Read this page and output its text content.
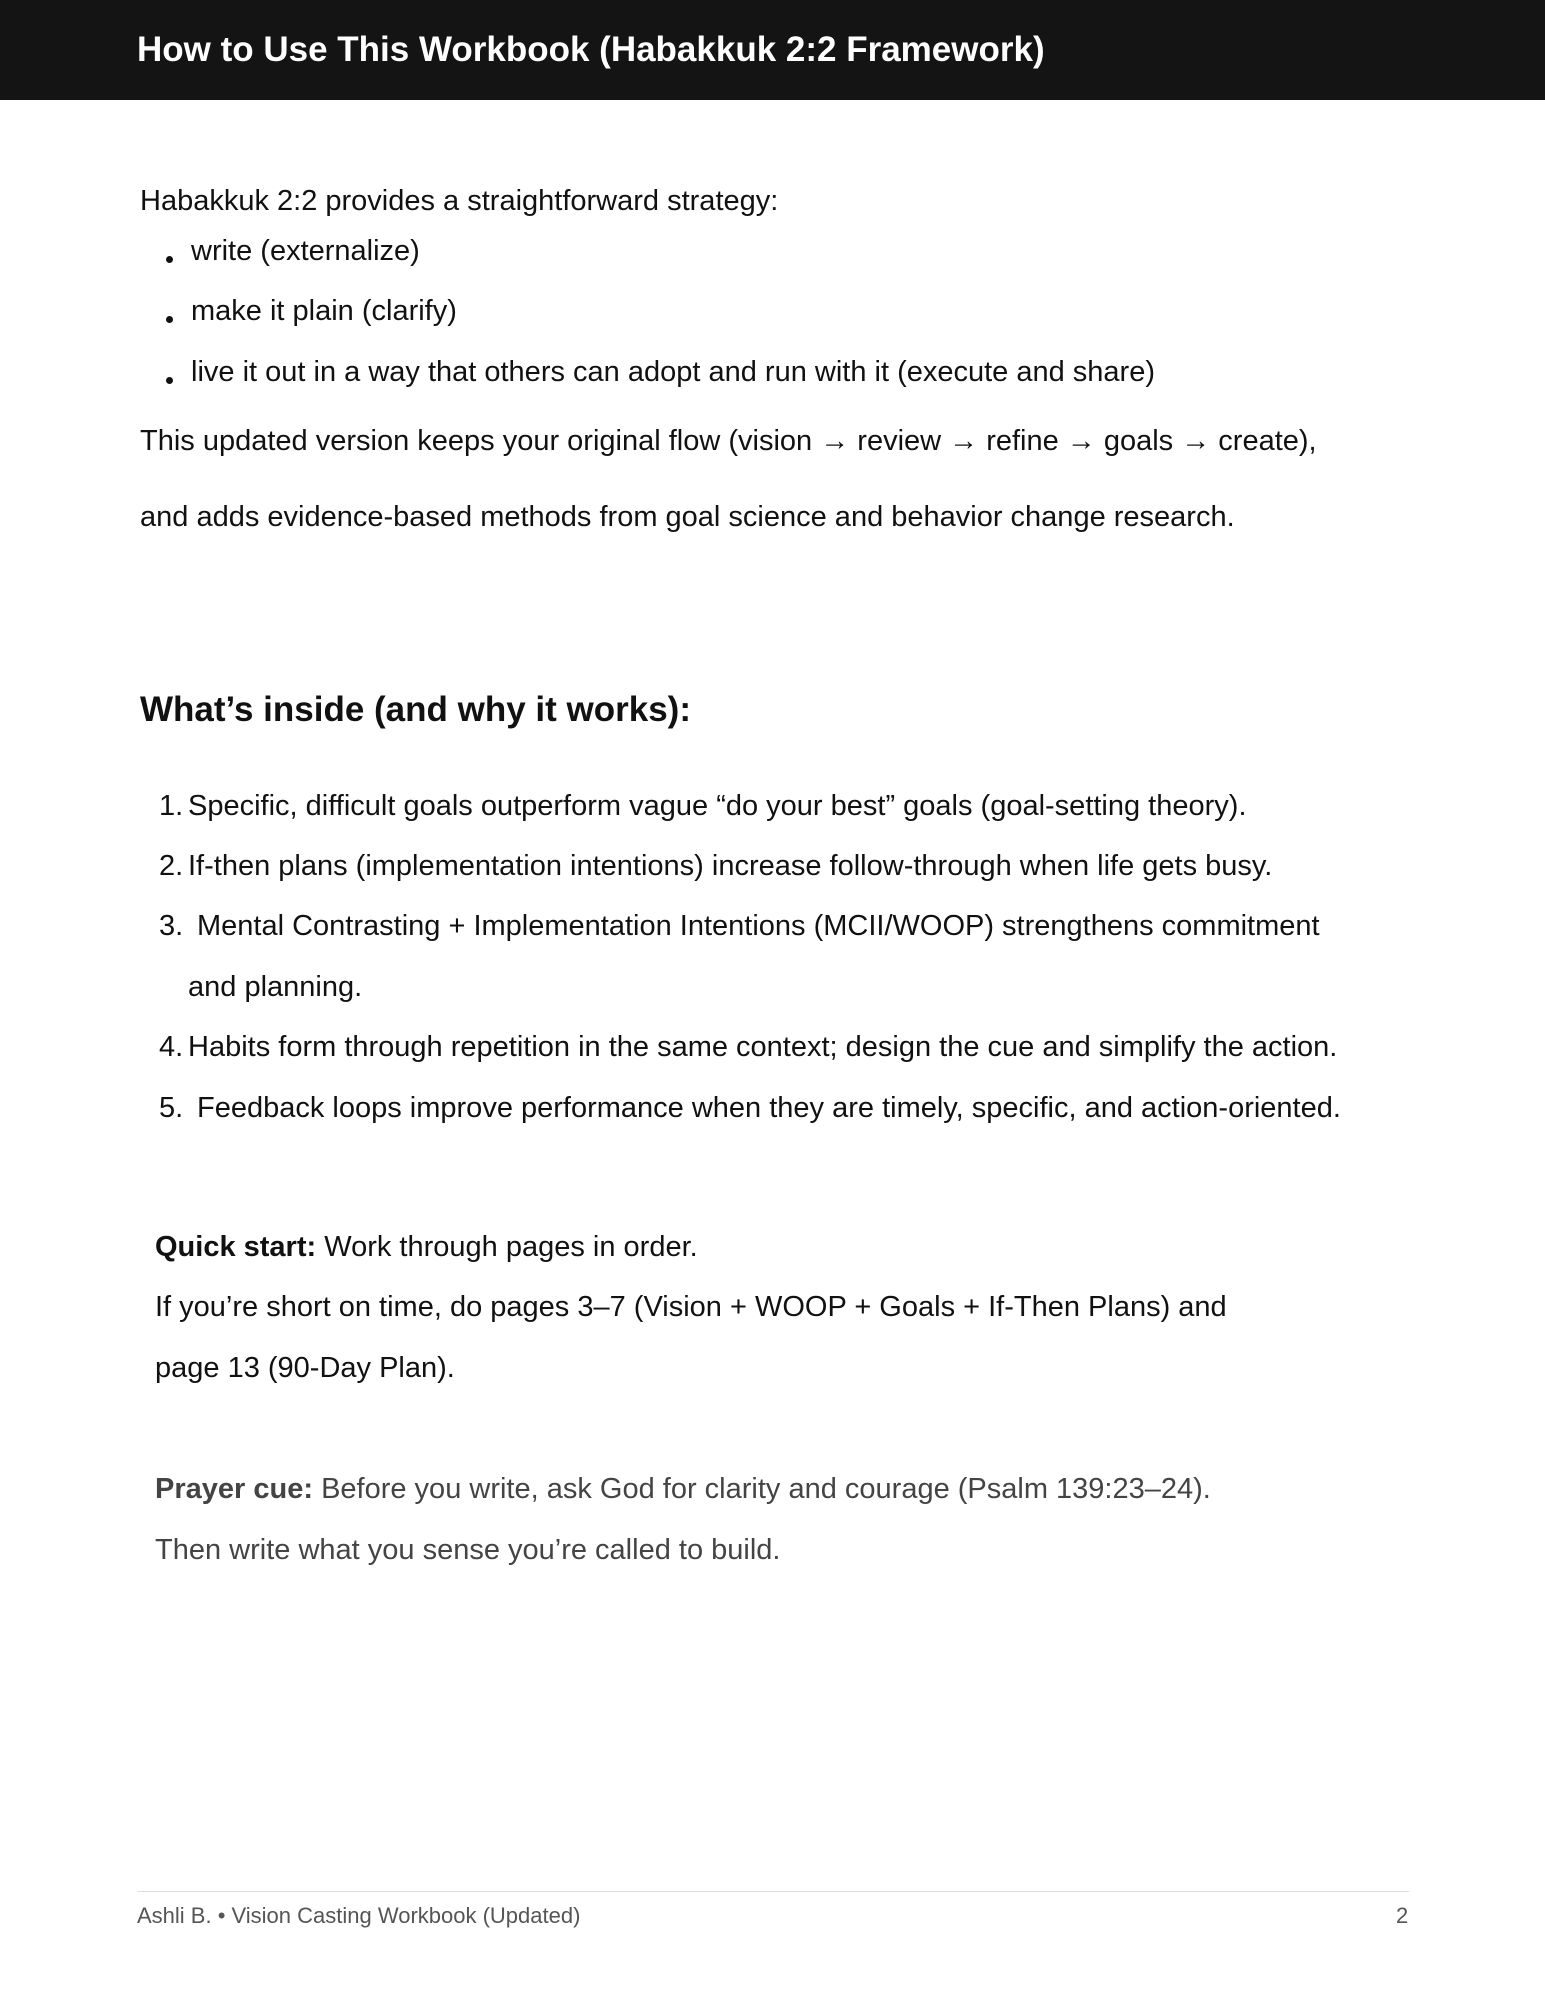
How to Use This Workbook (Habakkuk 2:2 Framework)
Habakkuk 2:2 provides a straightforward strategy:
write (externalize)
make it plain (clarify)
live it out in a way that others can adopt and run with it (execute and share)
This updated version keeps your original flow (vision → review → refine → goals → create),
and adds evidence-based methods from goal science and behavior change research.
What’s inside (and why it works):
1. Specific, difficult goals outperform vague “do your best” goals (goal-setting theory).
2. If-then plans (implementation intentions) increase follow-through when life gets busy.
3. Mental Contrasting + Implementation Intentions (MCII/WOOP) strengthens commitment
and planning.
4. Habits form through repetition in the same context; design the cue and simplify the action.
5. Feedback loops improve performance when they are timely, specific, and action-oriented.
Quick start: Work through pages in order.
If you’re short on time, do pages 3–7 (Vision + WOOP + Goals + If-Then Plans) and
page 13 (90-Day Plan).
Prayer cue: Before you write, ask God for clarity and courage (Psalm 139:23–24).
Then write what you sense you’re called to build.
Ashli B. • Vision Casting Workbook (Updated)	2
